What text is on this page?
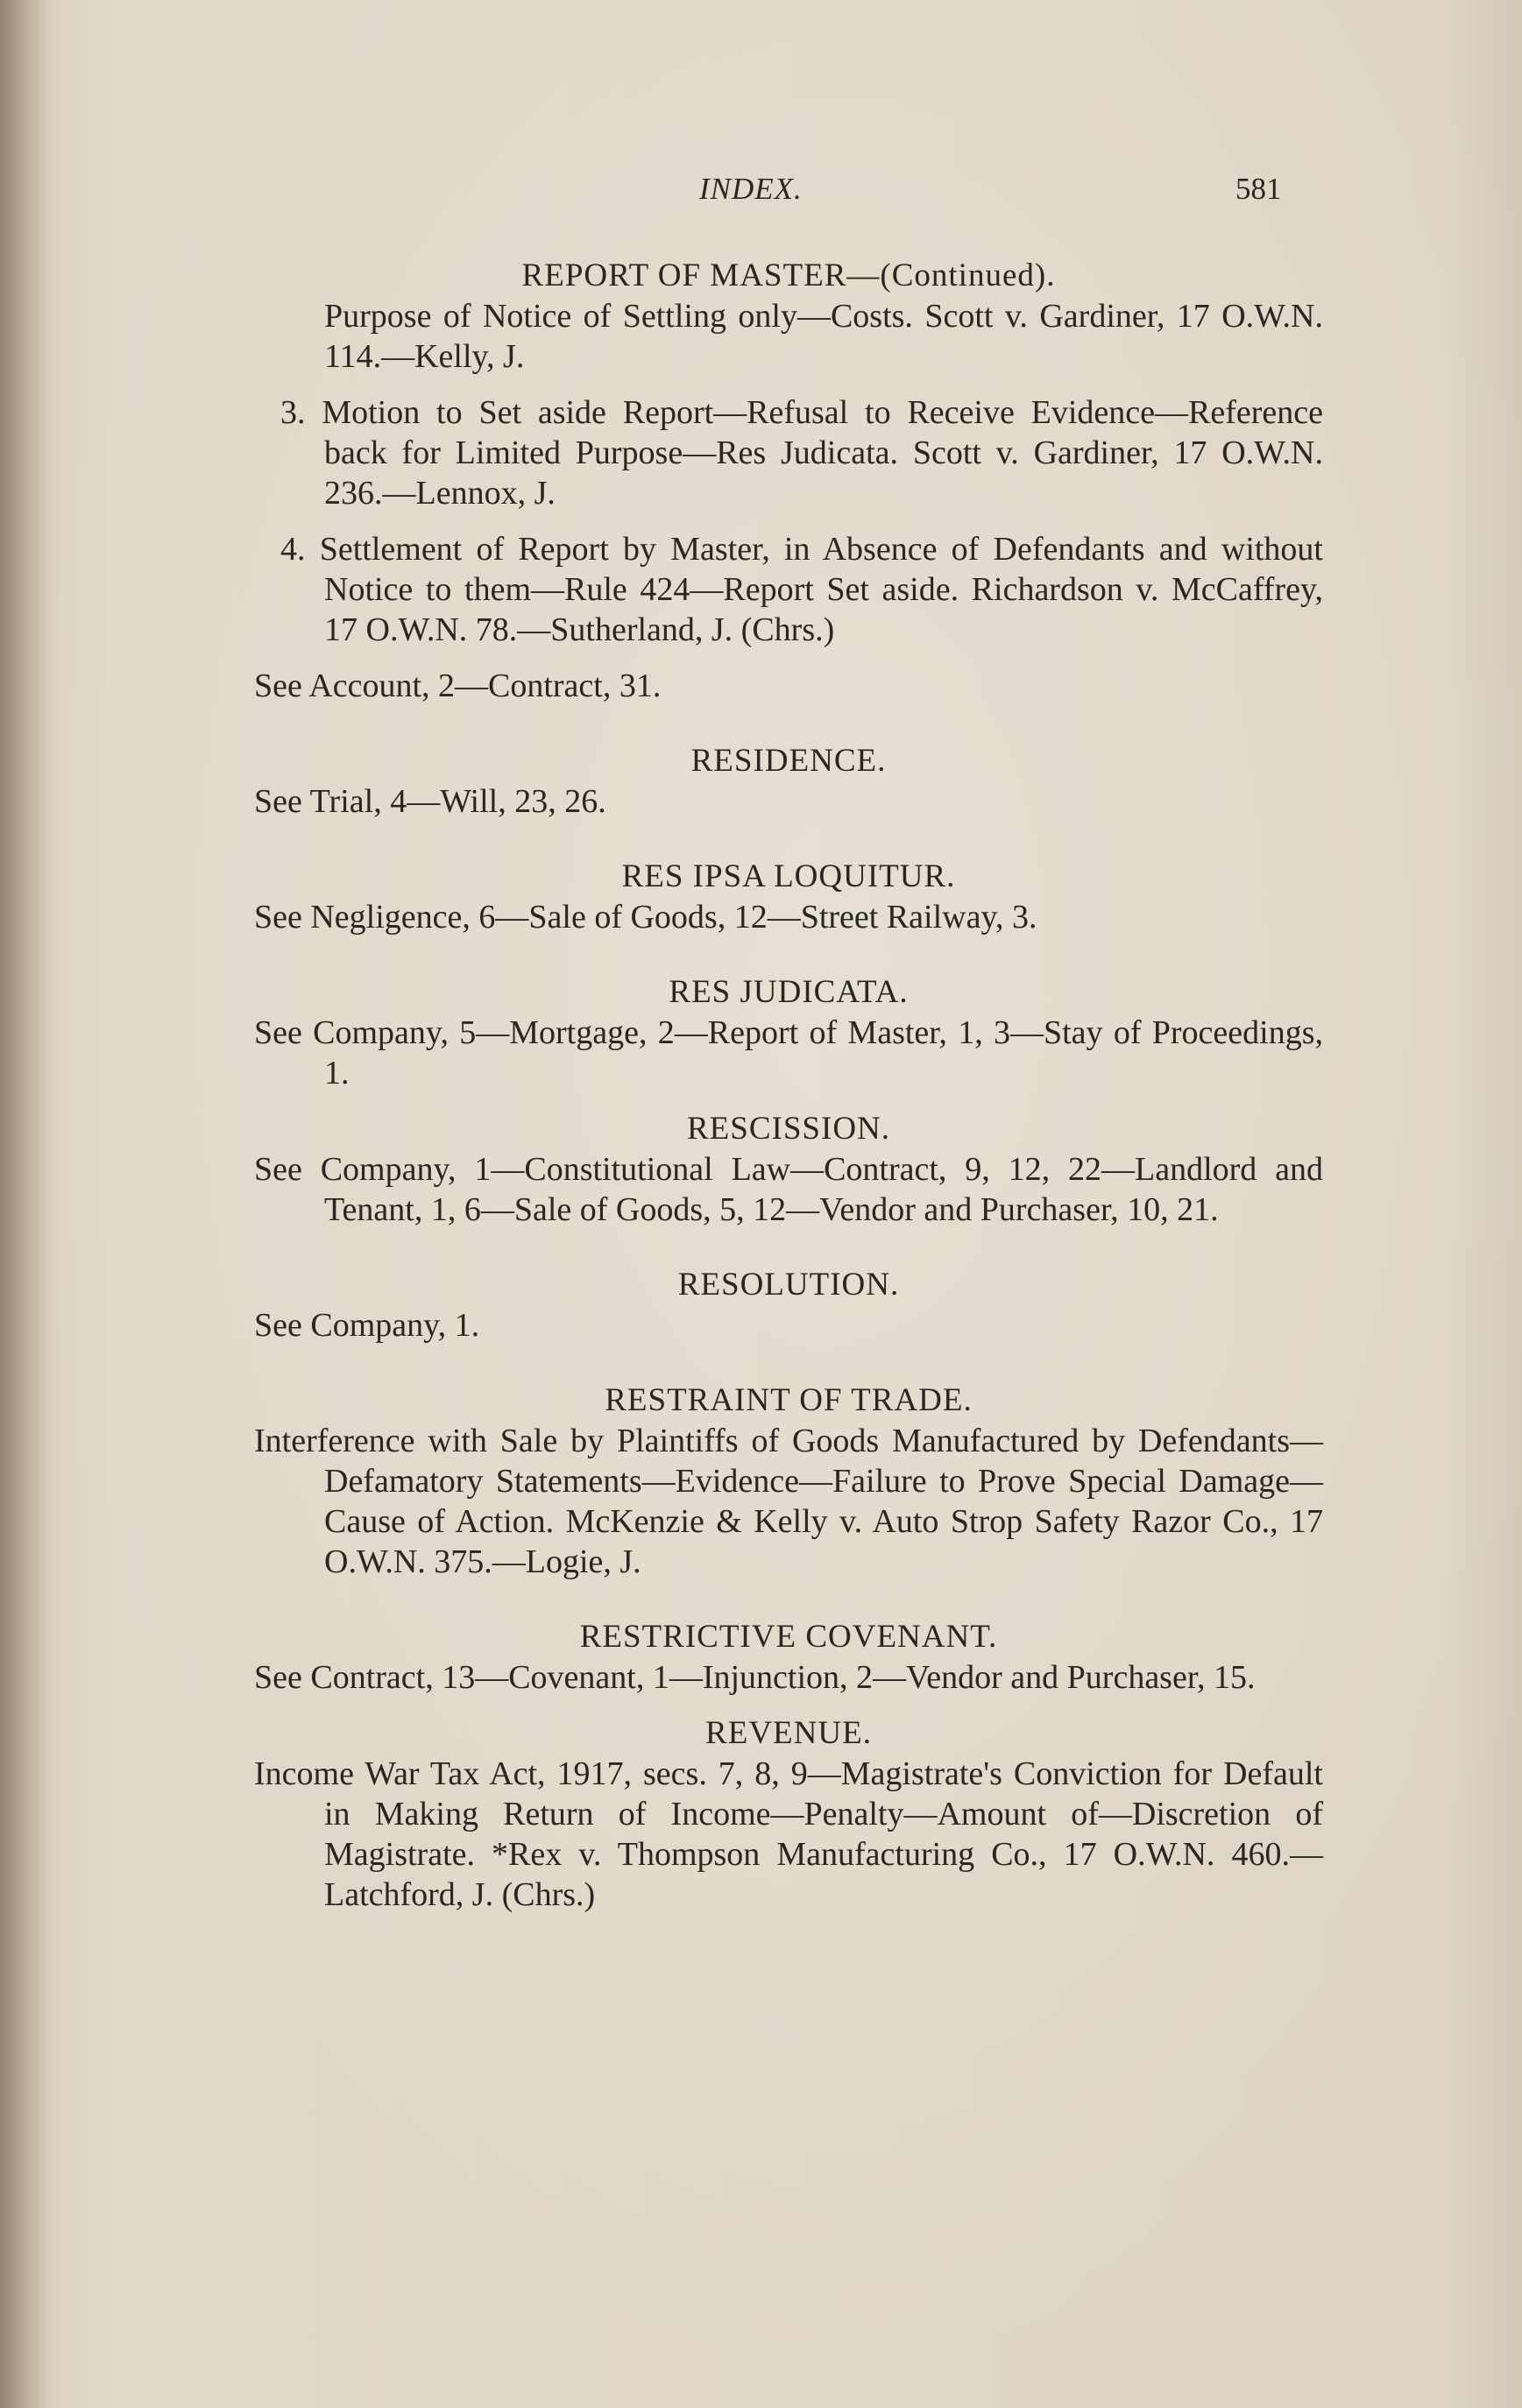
INDEX.	581

REPORT OF MASTER—(Continued).

Purpose of Notice of Settling only—Costs. Scott v. Gardiner, 17 O.W.N. 114.—Kelly, J.

3. Motion to Set aside Report—Refusal to Receive Evidence—Reference back for Limited Purpose—Res Judicata. Scott v. Gardiner, 17 O.W.N. 236.—Lennox, J.

4. Settlement of Report by Master, in Absence of Defendants and without Notice to them—Rule 424—Report Set aside. Richardson v. McCaffrey, 17 O.W.N. 78.—Sutherland, J. (Chrs.)

See Account, 2—Contract, 31.

RESIDENCE.

See Trial, 4—Will, 23, 26.

RES IPSA LOQUITUR.

See Negligence, 6—Sale of Goods, 12—Street Railway, 3.

RES JUDICATA.

See Company, 5—Mortgage, 2—Report of Master, 1, 3—Stay of Proceedings, 1.

RESCISSION.

See Company, 1—Constitutional Law—Contract, 9, 12, 22—Landlord and Tenant, 1, 6—Sale of Goods, 5, 12—Vendor and Purchaser, 10, 21.

RESOLUTION.

See Company, 1.

RESTRAINT OF TRADE.

Interference with Sale by Plaintiffs of Goods Manufactured by Defendants—Defamatory Statements—Evidence—Failure to Prove Special Damage—Cause of Action. McKenzie & Kelly v. Auto Strop Safety Razor Co., 17 O.W.N. 375.—Logie, J.

RESTRICTIVE COVENANT.

See Contract, 13—Covenant, 1—Injunction, 2—Vendor and Purchaser, 15.

REVENUE.

Income War Tax Act, 1917, secs. 7, 8, 9—Magistrate's Conviction for Default in Making Return of Income—Penalty—Amount of—Discretion of Magistrate. *Rex v. Thompson Manufacturing Co., 17 O.W.N. 460.—Latchford, J. (Chrs.)
